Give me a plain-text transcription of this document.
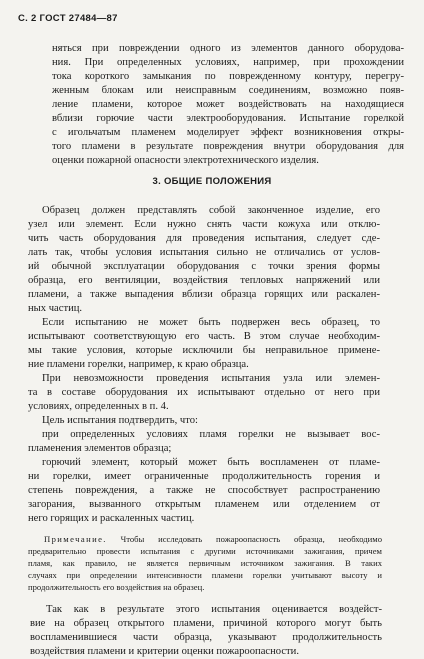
С. 2 ГОСТ 27484—87
няться при повреждении одного из элементов данного оборудова-
ния. При определенных условиях, например, при прохождении
тока короткого замыкания по поврежденному контуру, перегру-
женным блокам или неисправным соединениям, возможно появ-
ление пламени, которое может воздействовать на находящиеся
вблизи горючие части электрооборудования. Испытание горелкой
с игольчатым пламенем моделирует эффект возникновения откры-
того пламени в результате повреждения внутри оборудования для
оценки пожарной опасности электротехнического изделия.
3. ОБЩИЕ ПОЛОЖЕНИЯ
Образец должен представлять собой законченное изделие, его
узел или элемент. Если нужно снять части кожуха или отклю-
чить часть оборудования для проведения испытания, следует сде-
лать так, чтобы условия испытания сильно не отличались от услов-
ий обычной эксплуатации оборудования с точки зрения формы
образца, его вентиляции, воздействия тепловых напряжений или
пламени, а также выпадения вблизи образца горящих или раскален-
ных частиц.
Если испытанию не может быть подвержен весь образец, то
испытывают соответствующую его часть. В этом случае необходим-
мы такие условия, которые исключили бы неправильное примене-
ние пламени горелки, например, к краю образца.
При невозможности проведения испытания узла или элемен-
та в составе оборудования их испытывают отдельно от него при
условиях, определенных в п. 4.
Цель испытания подтвердить, что:
при определенных условиях пламя горелки не вызывает вос-
пламенения элементов образца;
горючий элемент, который может быть воспламенен от пламе-
ни горелки, имеет ограниченные продолжительность горения и
степень повреждения, а также не способствует распространению
загорания, вызванного открытым пламенем или отделением от
него горящих и раскаленных частиц.
Примечание. Чтобы исследовать пожароопасность образца, необходимо
предварительно провести испытания с другими источниками зажигания, причем
пламя, как правило, не является первичным источником зажигания. В таких
случаях при определении интенсивности пламени горелки учитывают высоту и
продолжительность его воздействия на образец.
Так как в результате этого испытания оценивается воздейст-
вие на образец открытого пламени, причиной которого могут быть
воспламенившиеся части образца, указывают продолжительность
воздействия пламени и критерии оценки пожароопасности.
